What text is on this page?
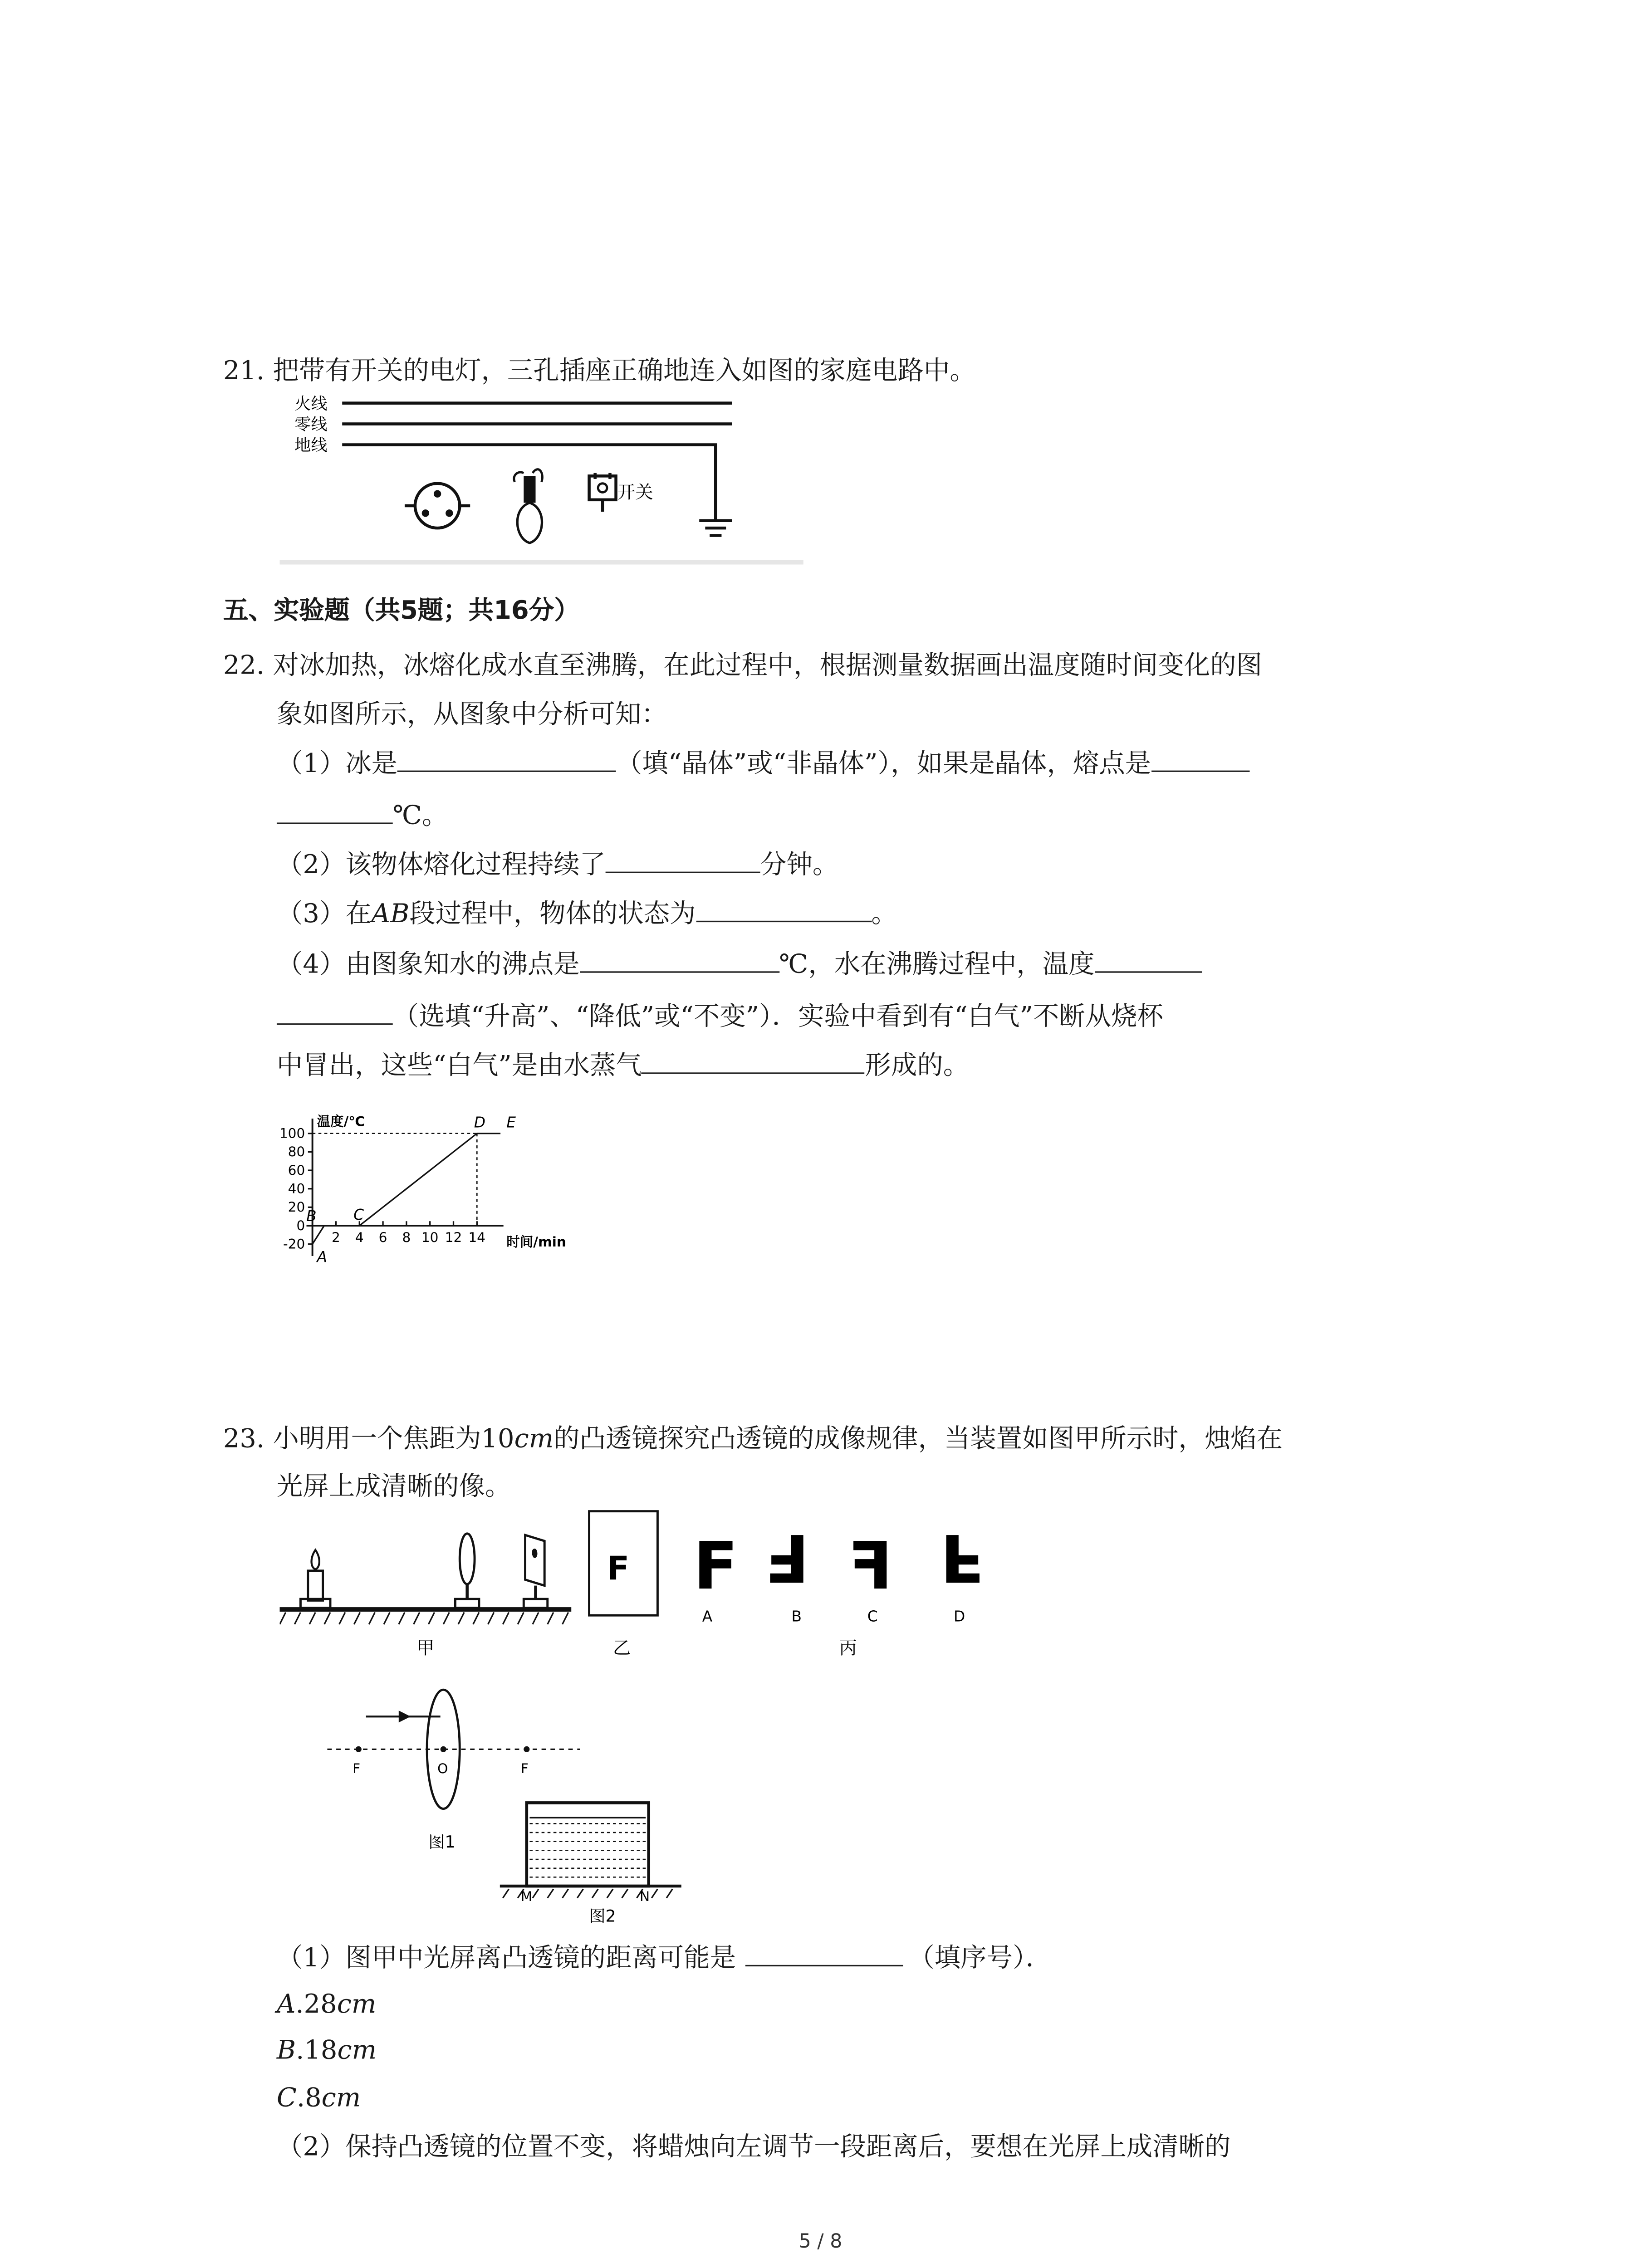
21. 把带有开关的电灯，三孔插座正确地连入如图的家庭电路中。
火线
零线
地线
开关
五、实验题（共5题；共16分）
22. 对冰加热，冰熔化成水直至沸腾，在此过程中，根据测量数据画出温度随时间变化的图
象如图所示，从图象中分析可知：
（1）冰是	（填“晶体”或“非晶体”），如果是晶体，熔点是
℃。
（2）该物体熔化过程持续了	分钟。
（3）在AB段过程中，物体的状态为	。
（4）由图象知水的沸点是	℃，水在沸腾过程中，温度
（选填“升高”、“降低”或“不变”）．实验中看到有“白气”不断从烧杯
中冒出，这些“白气”是由水蒸气	形成的。
温度/℃
时间/min
-20
0
20
40
60
80
100
2	4	6	8	10 12 14
A
B	C
D	E
23. 小明用一个焦距为10cm的凸透镜探究凸透镜的成像规律，当装置如图甲所示时，烛焰在
光屏上成清晰的像。
甲
F
乙
F
A
F
B
F
C
F
D
丙
F	O	F
图1
M	N
图2
（1）图甲中光屏离凸透镜的距离可能是	（填序号）．
A.28cm
B.18cm
C.8cm
（2）保持凸透镜的位置不变，将蜡烛向左调节一段距离后，要想在光屏上成清晰的
5 / 8
